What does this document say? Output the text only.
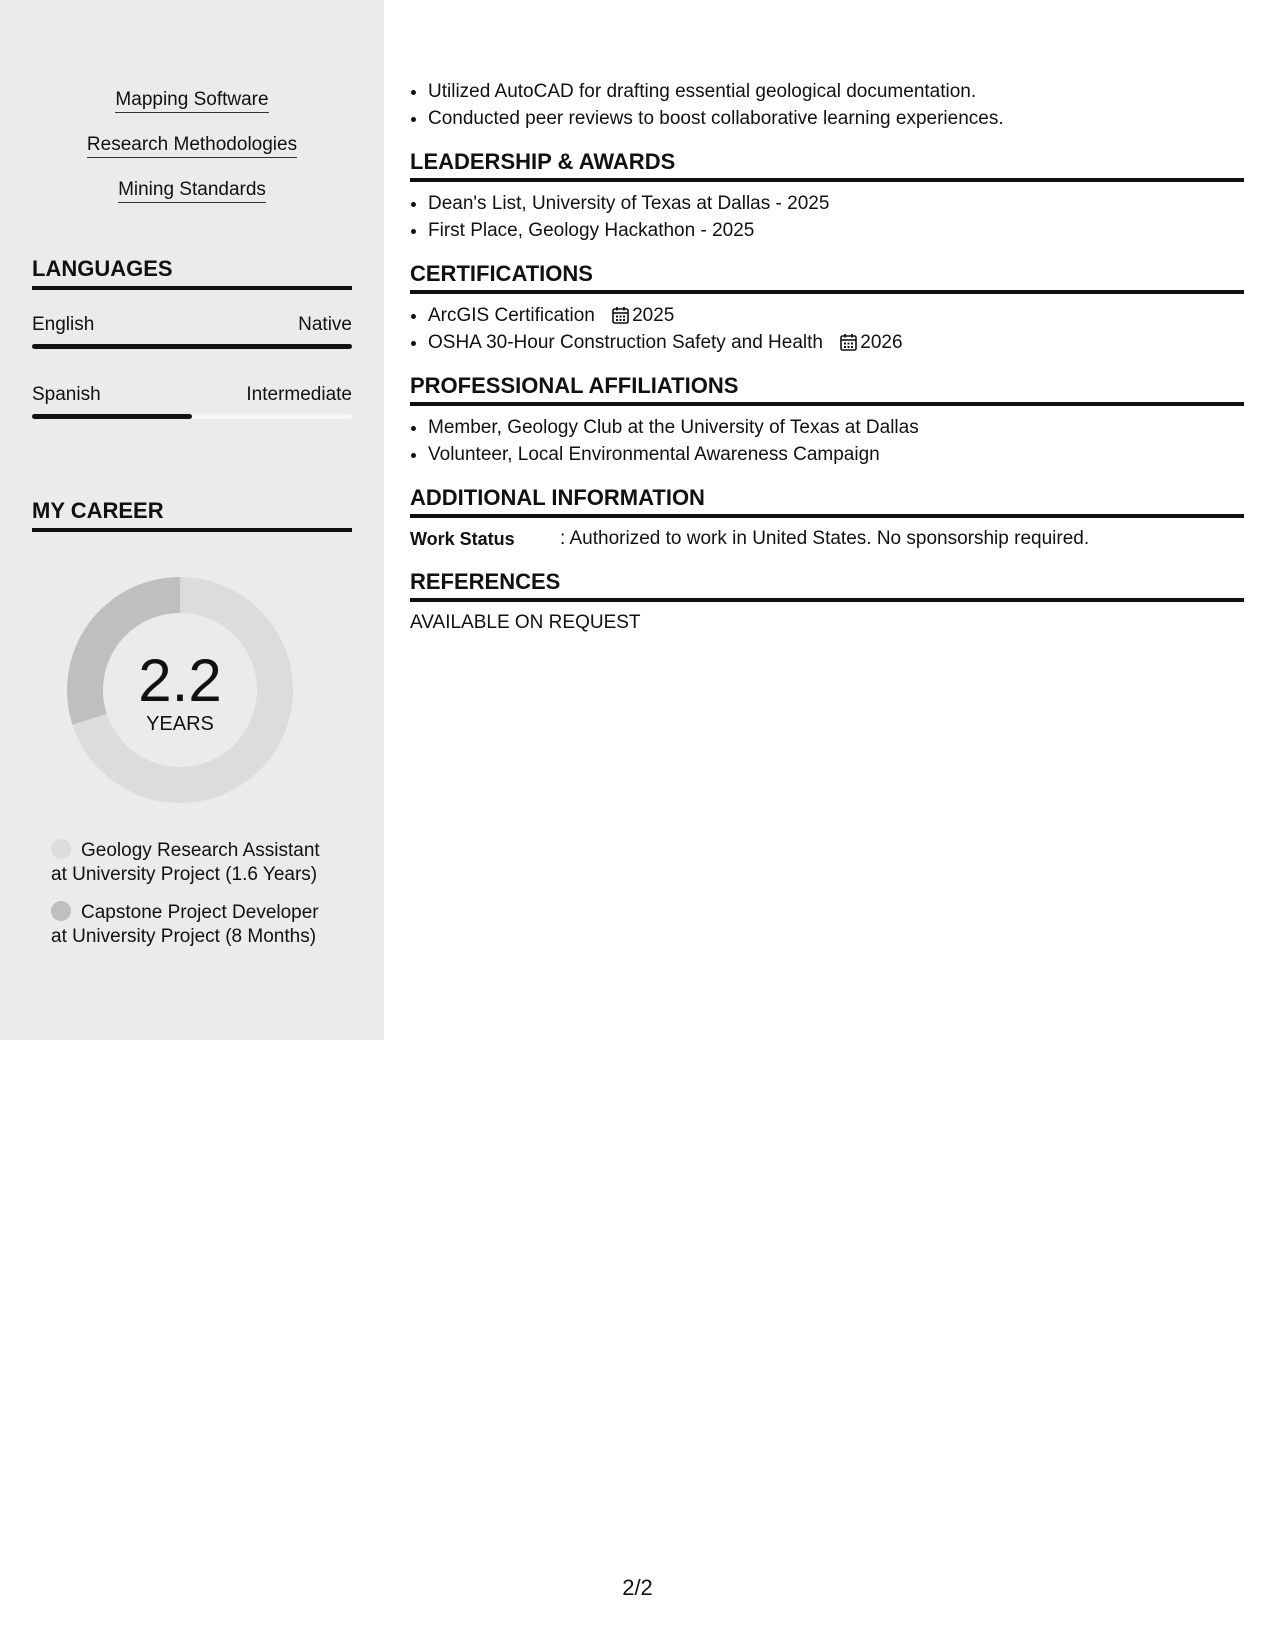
Mapping Software
Research Methodologies
Mining Standards
LANGUAGES
English	Native
Spanish	Intermediate
MY CAREER
2.2
YEARS
Geology Research Assistant
at University Project (1.6 Years)
Capstone Project Developer
at University Project (8 Months)
• Utilized AutoCAD for drafting essential geological documentation.
• Conducted peer reviews to boost collaborative learning experiences.
LEADERSHIP & AWARDS
• Dean's List, University of Texas at Dallas - 2025
• First Place, Geology Hackathon - 2025
CERTIFICATIONS
• ArcGIS Certification 2025
• OSHA 30-Hour Construction Safety and Health 2026
PROFESSIONAL AFFILIATIONS
• Member, Geology Club at the University of Texas at Dallas
• Volunteer, Local Environmental Awareness Campaign
ADDITIONAL INFORMATION
Work Status	: Authorized to work in United States. No sponsorship required.
REFERENCES
AVAILABLE ON REQUEST
2/2
